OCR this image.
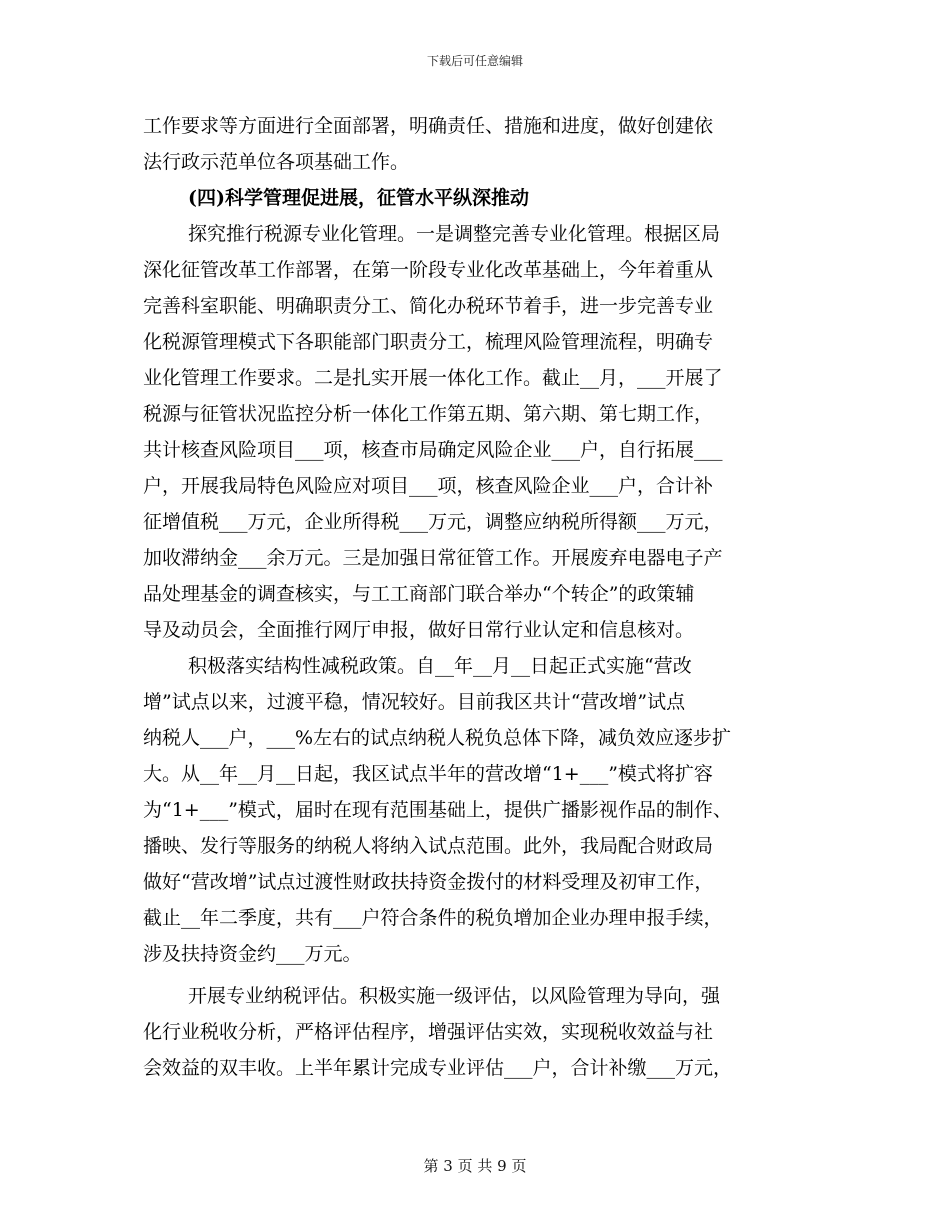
下载后可任意编辑
工作要求等方面进行全面部署，明确责任、措施和进度，做好创建依
法行政示范单位各项基础工作。
(四)科学管理促进展，征管水平纵深推动
探究推行税源专业化管理。一是调整完善专业化管理。根据区局
深化征管改革工作部署，在第一阶段专业化改革基础上，今年着重从
完善科室职能、明确职责分工、简化办税环节着手，进一步完善专业
化税源管理模式下各职能部门职责分工，梳理风险管理流程，明确专
业化管理工作要求。二是扎实开展一体化工作。截止__月，___开展了
税源与征管状况监控分析一体化工作第五期、第六期、第七期工作，
共计核查风险项目___项，核查市局确定风险企业___户，自行拓展___
户，开展我局特色风险应对项目___项，核查风险企业___户，合计补
征增值税___万元，企业所得税___万元，调整应纳税所得额___万元，
加收滞纳金___余万元。三是加强日常征管工作。开展废弃电器电子产
品处理基金的调查核实，与工工商部门联合举办“个转企”的政策辅
导及动员会，全面推行网厅申报，做好日常行业认定和信息核对。
积极落实结构性减税政策。自__年__月__日起正式实施“营改
增”试点以来，过渡平稳，情况较好。目前我区共计“营改增”试点
纳税人___户，___%左右的试点纳税人税负总体下降，减负效应逐步扩
大。从__年__月__日起，我区试点半年的营改增“1+___”模式将扩容
为“1+___”模式，届时在现有范围基础上，提供广播影视作品的制作、
播映、发行等服务的纳税人将纳入试点范围。此外，我局配合财政局
做好“营改增”试点过渡性财政扶持资金拨付的材料受理及初审工作，
截止__年二季度，共有___户符合条件的税负增加企业办理申报手续，
涉及扶持资金约___万元。
开展专业纳税评估。积极实施一级评估，以风险管理为导向，强
化行业税收分析，严格评估程序，增强评估实效，实现税收效益与社
会效益的双丰收。上半年累计完成专业评估___户，合计补缴___万元，
第 3 页 共 9 页
